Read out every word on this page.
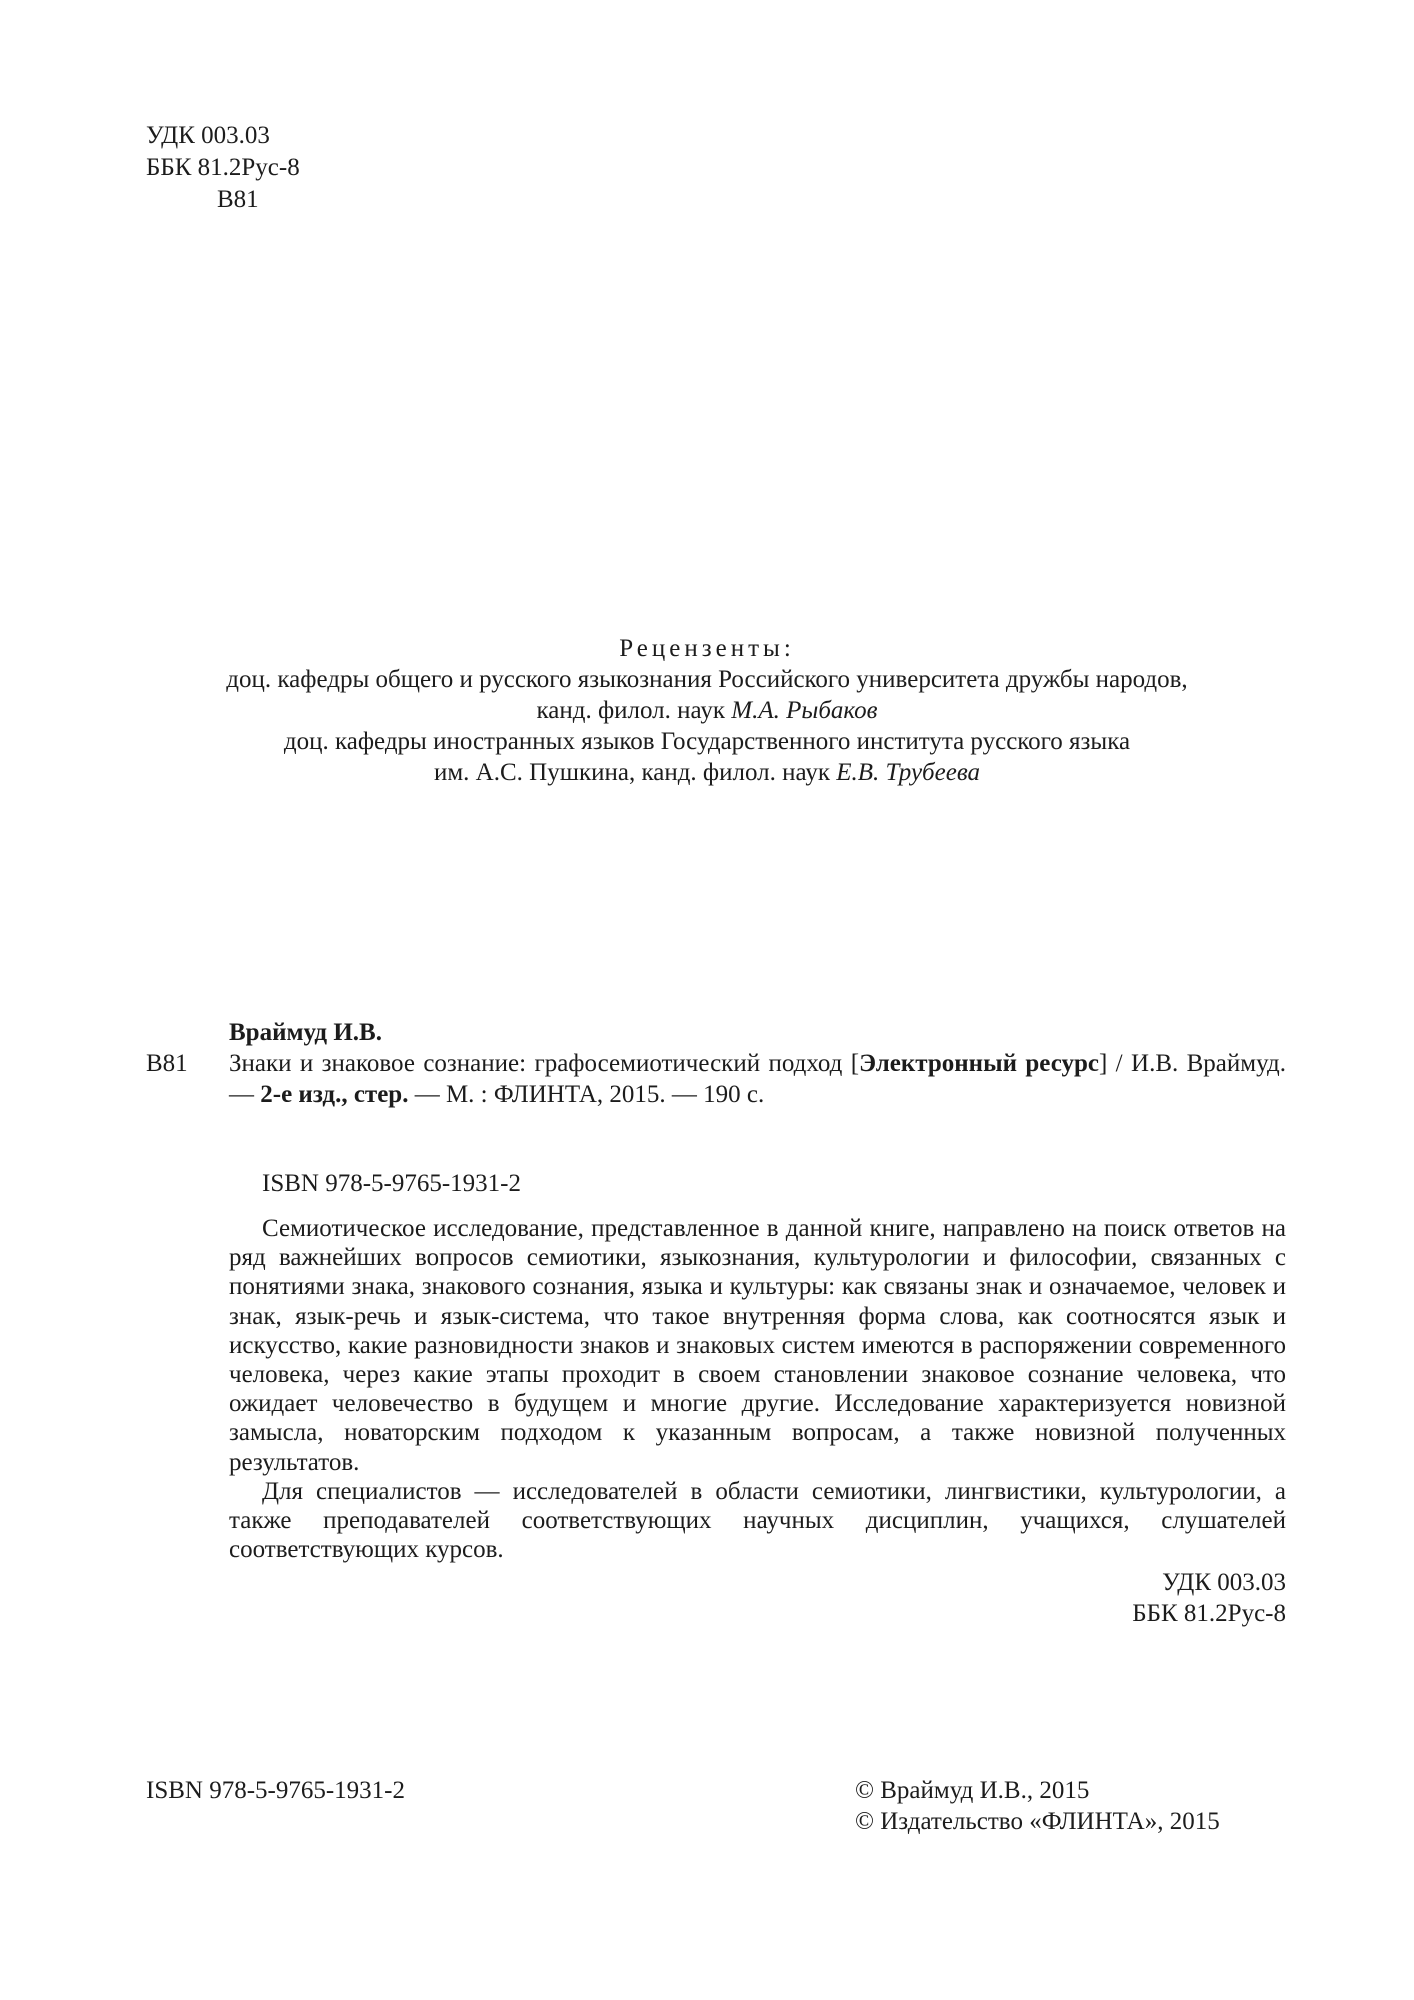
УДК 003.03
ББК 81.2Рус-8
В81
Рецензенты:
доц. кафедры общего и русского языкознания Российского университета дружбы народов,
канд. филол. наук М.А. Рыбаков
доц. кафедры иностранных языков Государственного института русского языка
им. А.С. Пушкина, канд. филол. наук Е.В. Трубеева
Враймуд И.В.
В81 Знаки и знаковое сознание: графосемиотический подход [Электронный ресурс] / И.В. Враймуд. — 2-е изд., стер. — М. : ФЛИНТА, 2015. — 190 с.
ISBN 978-5-9765-1931-2

Семиотическое исследование, представленное в данной книге, направлено на поиск ответов на ряд важнейших вопросов семиотики, языкознания, культурологии и философии, связанных с понятиями знака, знакового сознания, языка и культуры: как связаны знак и означаемое, человек и знак, язык-речь и язык-система, что такое внутренняя форма слова, как соотносятся язык и искусство, какие разновидности знаков и знаковых систем имеются в распоряжении современного человека, через какие этапы проходит в своем становлении знаковое сознание человека, что ожидает человечество в будущем и многие другие. Исследование характеризуется новизной замысла, новаторским подходом к указанным вопросам, а также новизной полученных результатов.

Для специалистов — исследователей в области семиотики, лингвистики, культурологии, а также преподавателей соответствующих научных дисциплин, учащихся, слушателей соответствующих курсов.

УДК 003.03
ББК 81.2Рус-8
ISBN 978-5-9765-1931-2	© Враймуд И.В., 2015
© Издательство «ФЛИНТА», 2015
